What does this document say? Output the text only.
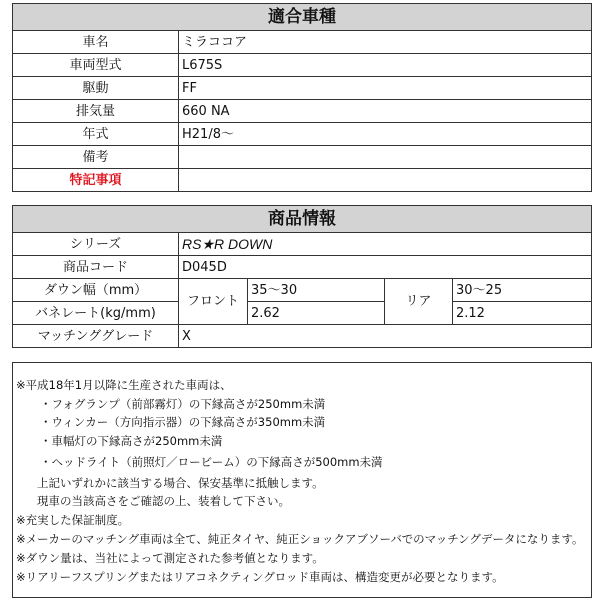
適合車種	
車名	ミラココア
車両型式	L675S
駆動	FF
排気量	660 NA
年式	H21/8～
備考	
特記事項	
商品情報				
シリーズ	RS★R DOWN			
商品コード	D045D			
ダウン幅（mm）	フロント	35～30	リア	30～25
バネレート(kg/mm)		2.62		2.12
マッチンググレード	X			
※平成18年1月以降に生産された車両は、
・フォグランプ（前部霧灯）の下縁高さが250mm未満
・ウィンカー（方向指示器）の下縁高さが350mm未満
・車幅灯の下縁高さが250mm未満
・ヘッドライト（前照灯／ロービーム）の下縁高さが500mm未満
上記いずれかに該当する場合、保安基準に抵触します。
現車の当該高さをご確認の上、装着して下さい。
※充実した保証制度。
※メーカーのマッチング車両は全て、純正タイヤ、純正ショックアブソーバでのマッチングデータになります。
※ダウン量は、当社によって測定された参考値となります。
※リアリーフスプリングまたはリアコネクティングロッド車両は、構造変更が必要となります。
